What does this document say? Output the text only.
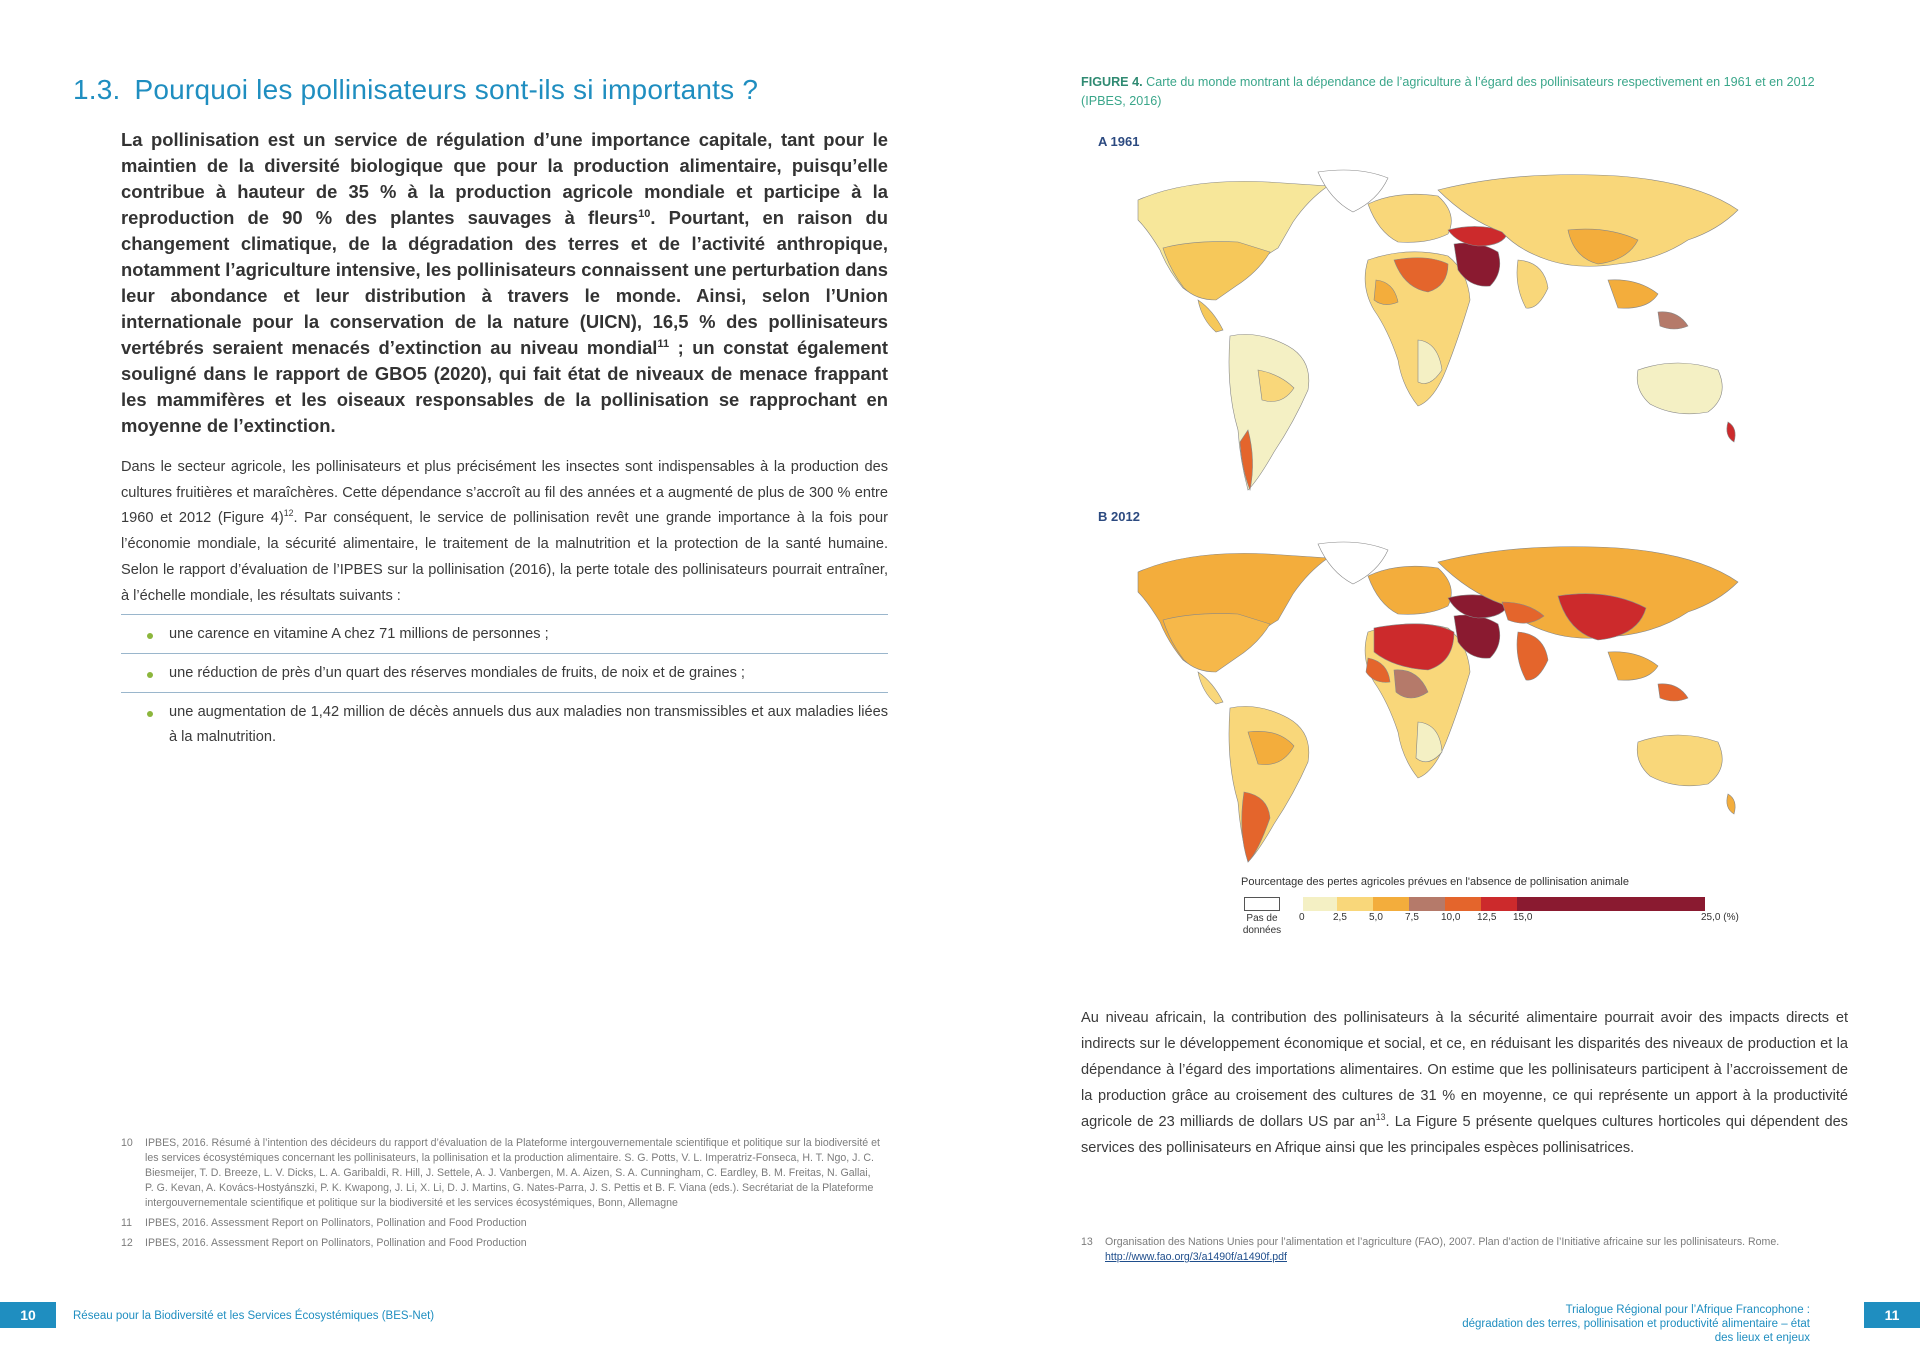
1.3. Pourquoi les pollinisateurs sont-ils si importants ?

La pollinisation est un service de régulation d’une importance capitale, tant pour le maintien de la diversité biologique que pour la production alimentaire, puisqu’elle contribue à hauteur de 35 % à la production agricole mondiale et participe à la reproduction de 90 % des plantes sauvages à fleurs$^{10}$. Pourtant, en raison du changement climatique, de la dégradation des terres et de l’activité anthropique, notamment l’agriculture intensive, les pollinisateurs connaissent une perturbation dans leur abondance et leur distribution à travers le monde. Ainsi, selon l’Union internationale pour la conservation de la nature (UICN), 16,5 % des pollinisateurs vertébrés seraient menacés d’extinction au niveau mondial$^{11}$ ; un constat également souligné dans le rapport de GBO5 (2020), qui fait état de niveaux de menace frappant les mammifères et les oiseaux responsables de la pollinisation se rapprochant en moyenne de l’extinction.

Dans le secteur agricole, les pollinisateurs et plus précisément les insectes sont indispensables à la production des cultures fruitières et maraîchères. Cette dépendance s’accroît au fil des années et a augmenté de plus de 300 % entre 1960 et 2012 (Figure 4)$^{12}$. Par conséquent, le service de pollinisation revêt une grande importance à la fois pour l’économie mondiale, la sécurité alimentaire, le traitement de la malnutrition et la protection de la santé humaine. Selon le rapport d’évaluation de l’IPBES sur la pollinisation (2016), la perte totale des pollinisateurs pourrait entraîner, à l’échelle mondiale, les résultats suivants :

une carence en vitamine A chez 71 millions de personnes ;
une réduction de près d’un quart des réserves mondiales de fruits, de noix et de graines ;
une augmentation de 1,42 million de décès annuels dus aux maladies non transmissibles et aux maladies liées à la malnutrition.
10 IPBES, 2016. Résumé à l’intention des décideurs du rapport d’évaluation de la Plateforme intergouvernementale scientifique et politique sur la biodiversité et les services écosystémiques concernant les pollinisateurs, la pollinisation et la production alimentaire. S. G. Potts, V. L. Imperatriz-Fonseca, H. T. Ngo, J. C. Biesmeijer, T. D. Breeze, L. V. Dicks, L. A. Garibaldi, R. Hill, J. Settele, A. J. Vanbergen, M. A. Aizen, S. A. Cunningham, C. Eardley, B. M. Freitas, N. Gallai, P. G. Kevan, A. Kovács-Hostyánszki, P. K. Kwapong, J. Li, X. Li, D. J. Martins, G. Nates-Parra, J. S. Pettis et B. F. Viana (eds.). Secrétariat de la Plateforme intergouvernementale scientifique et politique sur la biodiversité et les services écosystémiques, Bonn, Allemagne
11 IPBES, 2016. Assessment Report on Pollinators, Pollination and Food Production
12 IPBES, 2016. Assessment Report on Pollinators, Pollination and Food Production
10	Réseau pour la Biodiversité et les Services Écosystémiques (BES-Net)

FIGURE 4. Carte du monde montrant la dépendance de l’agriculture à l’égard des pollinisateurs respectivement en 1961 et en 2012 (IPBES, 2016)

A 1961
B 2012
Pourcentage des pertes agricoles prévues en l'absence de pollinisation animale
Pas de données

Au niveau africain, la contribution des pollinisateurs à la sécurité alimentaire pourrait avoir des impacts directs et indirects sur le développement économique et social, et ce, en réduisant les disparités des niveaux de production et la dépendance à l’égard des importations alimentaires. On estime que les pollinisateurs participent à l’accroissement de la production grâce au croisement des cultures de 31 % en moyenne, ce qui représente un apport à la productivité agricole de 23 milliards de dollars US par $an^{13}$. La Figure 5 présente quelques cultures horticoles qui dépendent des services des pollinisateurs en Afrique ainsi que les principales espèces pollinisatrices.

13 Organisation des Nations Unies pour l’alimentation et l’agriculture (FAO), 2007. Plan d’action de l’Initiative africaine sur les pollinisateurs. Rome. http://www.fao.org/3/a1490f/a1490f.pdf
Trialogue Régional pour l’Afrique Francophone :
dégradation des terres, pollinisation et productivité alimentaire – état des lieux et enjeux
11
0	2,5 5,0 7,5 10,0 12,5 15,0	25,0 (%)
